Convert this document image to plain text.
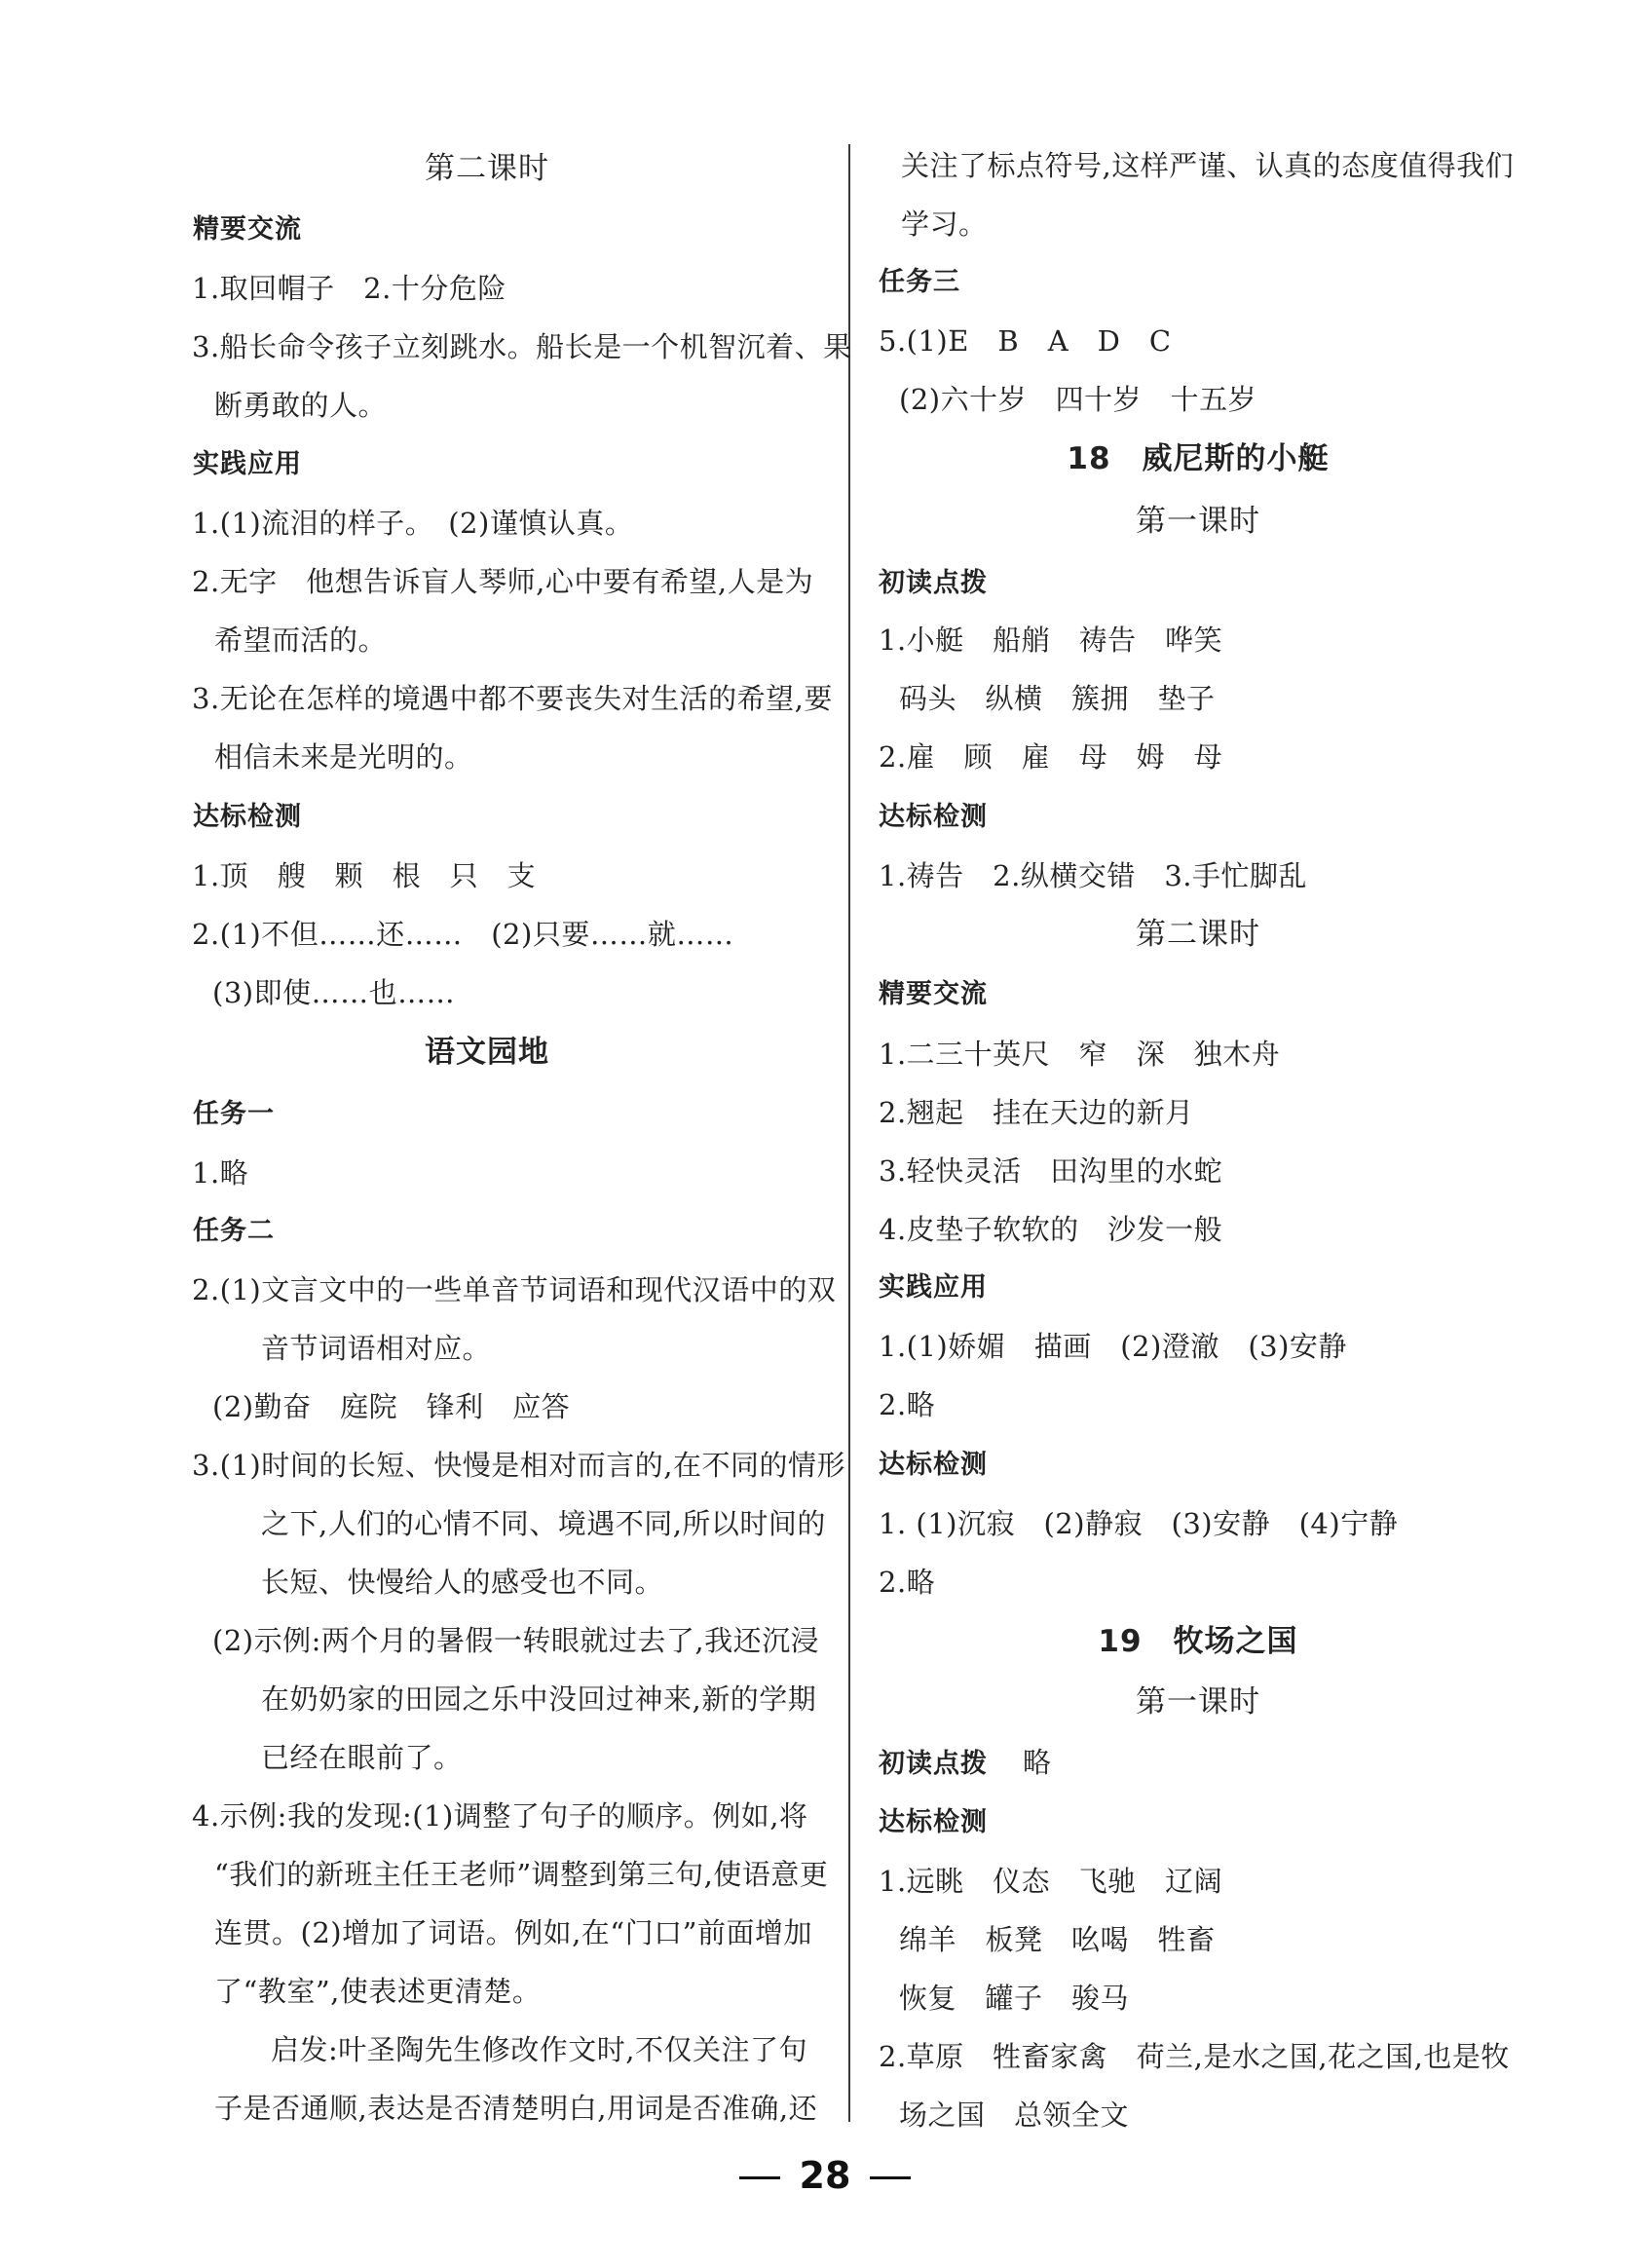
第二课时
精要交流
1.取回帽子　2.十分危险
3.船长命令孩子立刻跳水。船长是一个机智沉着、果
断勇敢的人。
实践应用
1.(1)流泪的样子。　(2)谨慎认真。
2.无字　他想告诉盲人琴师,心中要有希望,人是为
希望而活的。
3.无论在怎样的境遇中都不要丧失对生活的希望,要
相信未来是光明的。
达标检测
1.顶　艘　颗　根　只　支
2.(1)不但……还……　(2)只要……就……
(3)即使……也……
语文园地
任务一
1.略
任务二
2.(1)文言文中的一些单音节词语和现代汉语中的双
音节词语相对应。
(2)勤奋　庭院　锋利　应答
3.(1)时间的长短、快慢是相对而言的,在不同的情形
之下,人们的心情不同、境遇不同,所以时间的
长短、快慢给人的感受也不同。
(2)示例:两个月的暑假一转眼就过去了,我还沉浸
在奶奶家的田园之乐中没回过神来,新的学期
已经在眼前了。
4.示例:我的发现:(1)调整了句子的顺序。例如,将
“我们的新班主任王老师”调整到第三句,使语意更
连贯。(2)增加了词语。例如,在“门口”前面增加
了“教室”,使表述更清楚。
启发:叶圣陶先生修改作文时,不仅关注了句
子是否通顺,表达是否清楚明白,用词是否准确,还
关注了标点符号,这样严谨、认真的态度值得我们
学习。
任务三
5.(1)E　B　A　D　C
(2)六十岁　四十岁　十五岁
18　威尼斯的小艇
第一课时
初读点拨
1.小艇　船艄　祷告　哗笑
码头　纵横　簇拥　垫子
2.雇　顾　雇　母　姆　母
达标检测
1.祷告　2.纵横交错　3.手忙脚乱
第二课时
精要交流
1.二三十英尺　窄　深　独木舟
2.翘起　挂在天边的新月
3.轻快灵活　田沟里的水蛇
4.皮垫子软软的　沙发一般
实践应用
1.(1)娇媚　描画　(2)澄澈　(3)安静
2.略
达标检测
1. (1)沉寂　(2)静寂　(3)安静　(4)宁静
2.略
19　牧场之国
第一课时
初读点拨 略
达标检测
1.远眺　仪态　飞驰　辽阔
绵羊　板凳　吆喝　牲畜
恢复　罐子　骏马
2.草原　牲畜家禽　荷兰,是水之国,花之国,也是牧
场之国　总领全文
28
